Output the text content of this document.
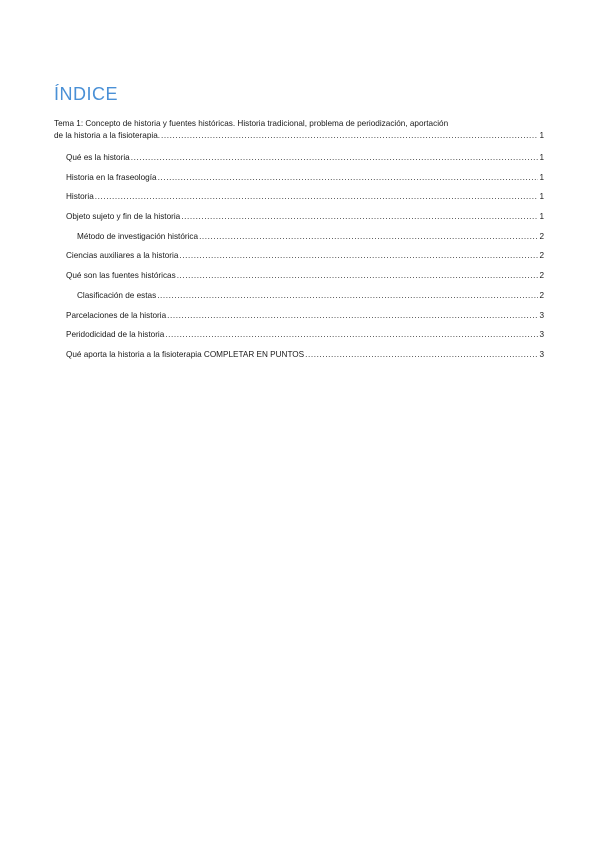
ÍNDICE
Tema 1: Concepto de historia y fuentes históricas. Historia tradicional, problema de periodización, aportación
de la historia a la fisioterapia. .....	1
Qué es la historia .....	1
Historia en la fraseología .....	1
Historia .....	1
Objeto sujeto y fin de la historia .....	1
Método de investigación histórica .....	2
Ciencias auxiliares a la historia .....	2
Qué son las fuentes históricas .....	2
Clasificación de estas .....	2
Parcelaciones de la historia .....	3
Peridodicidad de la historia .....	3
Qué aporta la historia a la fisioterapia COMPLETAR EN PUNTOS .....	3
